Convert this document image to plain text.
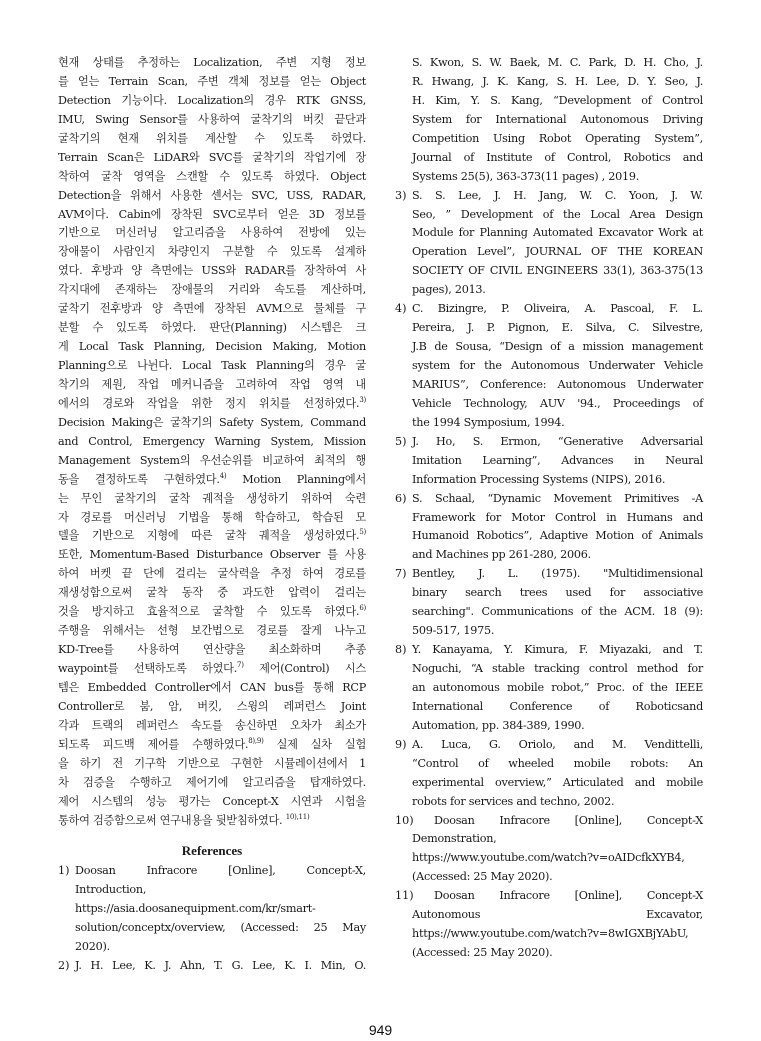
현재 상태를 추정하는 Localization, 주변 지형 정보
를 얻는 Terrain Scan, 주변 객체 정보를 얻는 Object
Detection 기능이다. Localization의 경우 RTK GNSS,
IMU, Swing Sensor를 사용하여 굴착기의 버킷 끝단과
굴착기의 현재 위치를 계산할 수 있도록 하였다.
Terrain Scan은 LiDAR와 SVC를 굴착기의 작업기에 장
착하여 굴착 영역을 스캔할 수 있도록 하였다. Object
Detection을 위해서 사용한 센서는 SVC, USS, RADAR,
AVM이다. Cabin에 장착된 SVC로부터 얻은 3D 정보를
기반으로 머신러닝 알고리즘을 사용하여 전방에 있는
장애물이 사람인지 차량인지 구분할 수 있도록 설계하
였다. 후방과 양 측면에는 USS와 RADAR를 장착하여 사
각지대에 존재하는 장애물의 거리와 속도를 계산하며,
굴착기 전후방과 양 측면에 장착된 AVM으로 물체를 구
분할 수 있도록 하였다. 판단(Planning) 시스템은 크
게 Local Task Planning, Decision Making, Motion
Planning으로 나뉜다. Local Task Planning의 경우 굴
착기의 제원, 작업 메커니즘을 고려하여 작업 영역 내
에서의 경로와 작업을 위한 정지 위치를 선정하였다.$^{3)}$
Decision Making은 굴착기의 Safety System, Command
and Control, Emergency Warning System, Mission
Management System의 우선순위를 비교하여 최적의 행
동을 결정하도록 구현하였다.$^{4)}$ Motion Planning에서
는 무인 굴착기의 굴착 궤적을 생성하기 위하여 숙련
자 경로를 머신러닝 기법을 통해 학습하고, 학습된 모
델을 기반으로 지형에 따른 굴착 궤적을 생성하였다.$^{5)}$
또한, Momentum-Based Disturbance Observer 를 사용
하여 버켓 끝 단에 걸리는 굴삭력을 추정 하여 경로를
재생성함으로써 굴착 동작 중 과도한 압력이 걸리는
것을 방지하고 효율적으로 굴착할 수 있도록 하였다.$^{6)}$
주행을 위해서는 선형 보간법으로 경로를 잘게 나누고
KD-Tree를 사용하여 연산량을 최소화하며 추종
waypoint를 선택하도록 하였다.$^{7)}$ 제어(Control) 시스
템은 Embedded Controller에서 CAN bus를 통해 RCP
Controller로 붐, 암, 버킷, 스윙의 레퍼런스 Joint
각과 트랙의 레퍼런스 속도를 송신하면 오차가 최소가
되도록 피드백 제어를 수행하였다.$^{8),9)}$ 실제 실차 실험
을 하기 전 기구학 기반으로 구현한 시뮬레이션에서 1
차 검증을 수행하고 제어기에 알고리즘을 탑재하였다.
제어 시스템의 성능 평가는 Concept-X 시연과 시험을
통하여 검증함으로써 연구내용을 뒷받침하였다. $^{10),11)}$
References
1) Doosan Infracore [Online], Concept-X,
Introduction,
https://asia.doosanequipment.com/kr/smart-
solution/conceptx/overview, (Accessed: 25 May
2020).
2) J. H. Lee, K. J. Ahn, T. G. Lee, K. I. Min, O.
S. Kwon, S. W. Baek, M. C. Park, D. H. Cho, J.
R. Hwang, J. K. Kang, S. H. Lee, D. Y. Seo, J.
H. Kim, Y. S. Kang, “Development of Control
System for International Autonomous Driving
Competition Using Robot Operating System”,
Journal of Institute of Control, Robotics and
Systems 25(5), 363-373(11 pages) , 2019.
3) S. S. Lee, J. H. Jang, W. C. Yoon, J. W.
Seo, ” Development of the Local Area Design
Module for Planning Automated Excavator Work at
Operation Level”, JOURNAL OF THE KOREAN
SOCIETY OF CIVIL ENGINEERS 33(1), 363-375(13
pages), 2013.
4) C. Bizingre, P. Oliveira, A. Pascoal, F. L.
Pereira, J. P. Pignon, E. Silva, C. Silvestre,
J.B de Sousa, “Design of a mission management
system for the Autonomous Underwater Vehicle
MARIUS”, Conference: Autonomous Underwater
Vehicle Technology, AUV '94., Proceedings of
the 1994 Symposium, 1994.
5) J. Ho, S. Ermon, “Generative Adversarial
Imitation Learning”, Advances in Neural
Information Processing Systems (NIPS), 2016.
6) S. Schaal, “Dynamic Movement Primitives -A
Framework for Motor Control in Humans and
Humanoid Robotics”, Adaptive Motion of Animals
and Machines pp 261-280, 2006.
7) Bentley, J. L. (1975). "Multidimensional
binary search trees used for associative
searching". Communications of the ACM. 18 (9):
509-517, 1975.
8) Y. Kanayama, Y. Kimura, F. Miyazaki, and T.
Noguchi, “A stable tracking control method for
an autonomous mobile robot,” Proc. of the IEEE
International Conference of Roboticsand
Automation, pp. 384-389, 1990.
9) A. Luca, G. Oriolo, and M. Vendittelli,
“Control of wheeled mobile robots: An
experimental overview,” Articulated and mobile
robots for services and techno, 2002.
10) Doosan Infracore [Online], Concept-X
Demonstration,
https://www.youtube.com/watch?v=oAIDcfkXYB4,
(Accessed: 25 May 2020).
11) Doosan Infracore [Online], Concept-X
Autonomous Excavator,
https://www.youtube.com/watch?v=8wIGXBjYAbU,
(Accessed: 25 May 2020).
949
